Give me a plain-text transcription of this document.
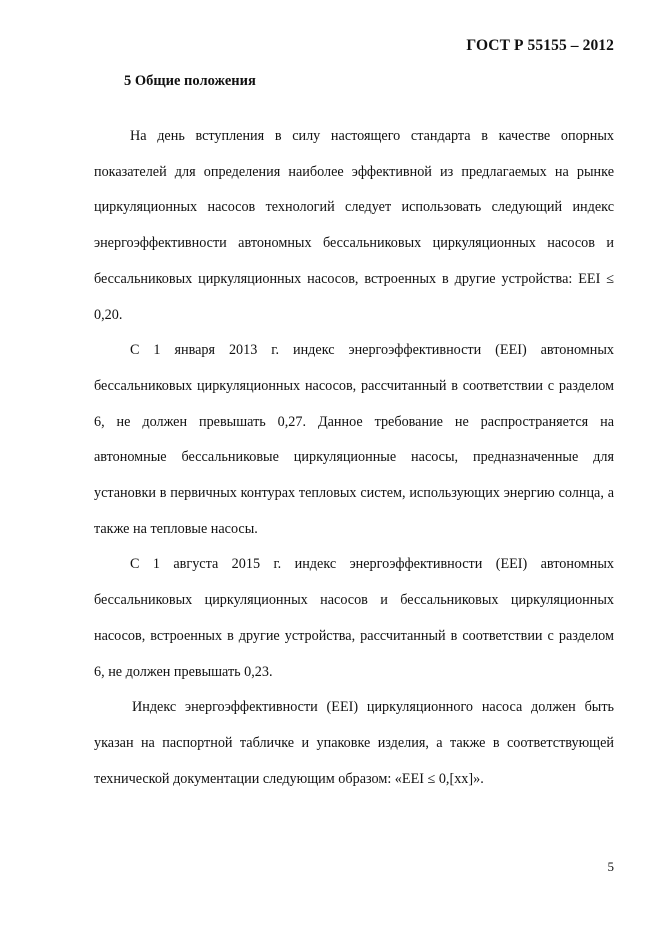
ГОСТ Р 55155 – 2012
5 Общие положения

На день вступления в силу настоящего стандарта в качестве опорных показателей для определения наиболее эффективной из предлагаемых на рынке циркуляционных насосов технологий следует использовать следующий индекс энергоэффективности автономных бессальниковых циркуляционных насосов и бессальниковых циркуляционных насосов, встроенных в другие устройства: EEI ≤ 0,20.

С 1 января 2013 г. индекс энергоэффективности (EEI) автономных бессальниковых циркуляционных насосов, рассчитанный в соответствии с разделом 6, не должен превышать 0,27. Данное требование не распространяется на автономные бессальниковые циркуляционные насосы, предназначенные для установки в первичных контурах тепловых систем, использующих энергию солнца, а также на тепловые насосы.

С 1 августа 2015 г. индекс энергоэффективности (EEI) автономных бессальниковых циркуляционных насосов и бессальниковых циркуляционных насосов, встроенных в другие устройства, рассчитанный в соответствии с разделом 6, не должен превышать 0,23.

Индекс энергоэффективности (EEI) циркуляционного насоса должен быть указан на паспортной табличке и упаковке изделия, а также в соответствующей технической документации следующим образом: «EEI ≤ 0,[xx]».

5
